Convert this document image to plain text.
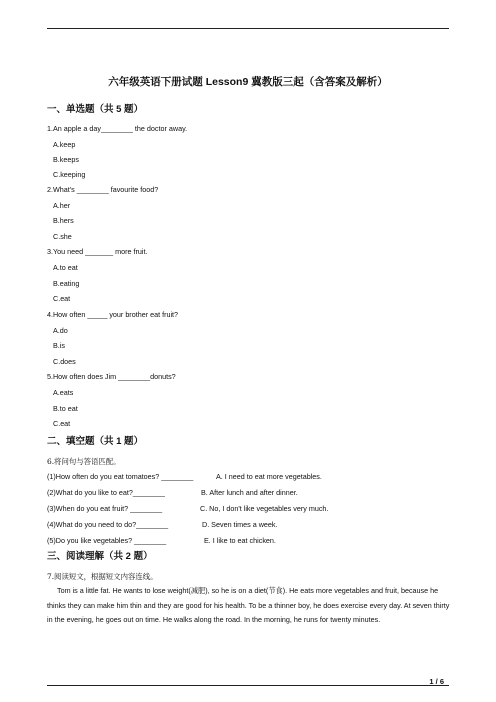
六年级英语下册试题 Lesson9 冀教版三起（含答案及解析）
一、单选题（共 5 题）
1.An apple a day________ the doctor away.
A.keep
B.keeps
C.keeping
2.What's ________ favourite food?
A.her
B.hers
C.she
3.You need _______ more fruit.
A.to eat
B.eating
C.eat
4.How often _____ your brother eat fruit?
A.do
B.is
C.does
5.How often does Jim ________donuts?
A.eats
B.to eat
C.eat
二、填空题（共 1 题）
6.将问句与答语匹配。
(1)How often do you eat tomatoes? ________	A. I need to eat more vegetables.
(2)What do you like to eat?________	B. After lunch and after dinner.
(3)When do you eat fruit? ________	C. No, I don't like vegetables very much.
(4)What do you need to do?________	D. Seven times a week.
(5)Do you like vegetables? ________	E. I like to eat chicken.
三、阅读理解（共 2 题）
7.阅读短文，根据短文内容连线。
Tom is a little fat. He wants to lose weight(减肥), so he is on a diet(节食). He eats more vegetables and fruit, because he thinks they can make him thin and they are good for his health. To be a thinner boy, he does exercise every day. At seven thirty in the evening, he goes out on time. He walks along the road. In the morning, he runs for twenty minutes.
1 / 6
